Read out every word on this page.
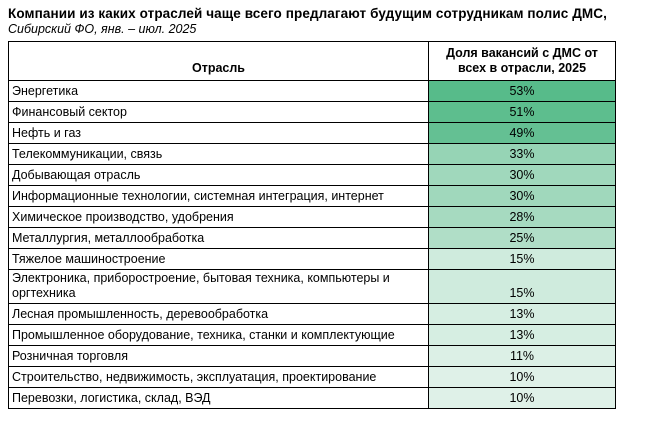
Компании из каких отраслей чаще всего предлагают будущим сотрудникам полис ДМС,
Сибирский ФО, янв. – июл. 2025
Отрасль	Доля вакансий с ДМС от всех в отрасли, 2025
Энергетика	53%
Финансовый сектор	51%
Нефть и газ	49%
Телекоммуникации, связь	33%
Добывающая отрасль	30%
Информационные технологии, системная интеграция, интернет	30%
Химическое производство, удобрения	28%
Металлургия, металлообработка	25%
Тяжелое машиностроение	15%
Электроника, приборостроение, бытовая техника, компьютеры и оргтехника	15%
Лесная промышленность, деревообработка	13%
Промышленное оборудование, техника, станки и комплектующие	13%
Розничная торговля	11%
Строительство, недвижимость, эксплуатация, проектирование	10%
Перевозки, логистика, склад, ВЭД	10%
